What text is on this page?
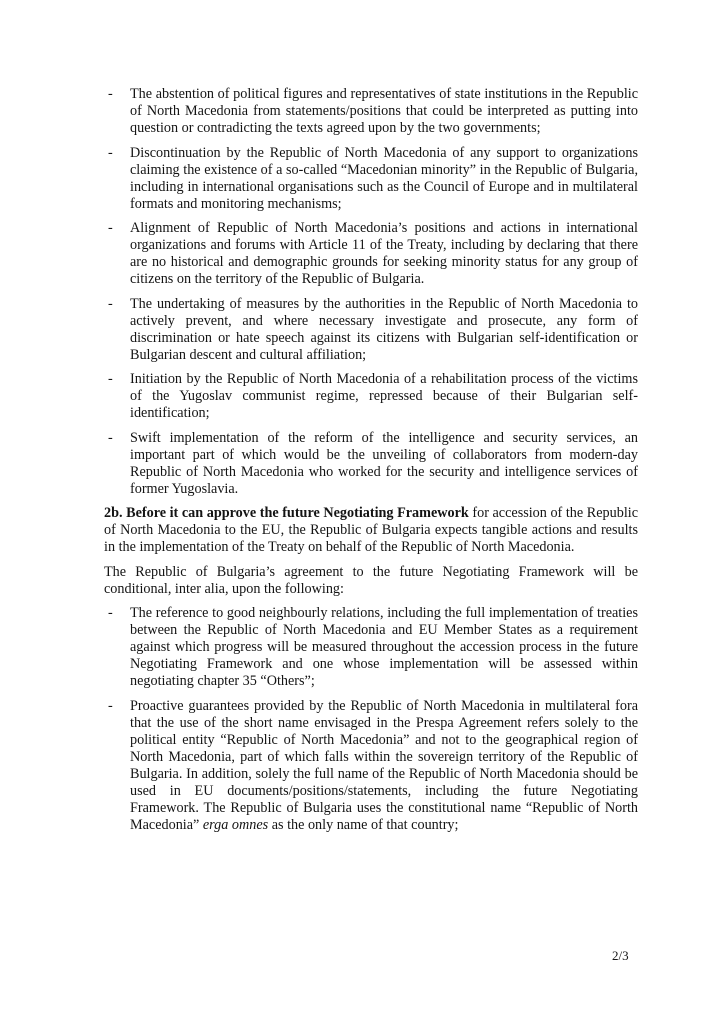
- The abstention of political figures and representatives of state institutions in the Republic of North Macedonia from statements/positions that could be interpreted as putting into question or contradicting the texts agreed upon by the two governments;
- Discontinuation by the Republic of North Macedonia of any support to organizations claiming the existence of a so-called “Macedonian minority” in the Republic of Bulgaria, including in international organisations such as the Council of Europe and in multilateral formats and monitoring mechanisms;
- Alignment of Republic of North Macedonia’s positions and actions in international organizations and forums with Article 11 of the Treaty, including by declaring that there are no historical and demographic grounds for seeking minority status for any group of citizens on the territory of the Republic of Bulgaria.
- The undertaking of measures by the authorities in the Republic of North Macedonia to actively prevent, and where necessary investigate and prosecute, any form of discrimination or hate speech against its citizens with Bulgarian self-identification or Bulgarian descent and cultural affiliation;
- Initiation by the Republic of North Macedonia of a rehabilitation process of the victims of the Yugoslav communist regime, repressed because of their Bulgarian self-identification;
- Swift implementation of the reform of the intelligence and security services, an important part of which would be the unveiling of collaborators from modern-day Republic of North Macedonia who worked for the security and intelligence services of former Yugoslavia.

2b. Before it can approve the future Negotiating Framework for accession of the Republic of North Macedonia to the EU, the Republic of Bulgaria expects tangible actions and results in the implementation of the Treaty on behalf of the Republic of North Macedonia.

The Republic of Bulgaria’s agreement to the future Negotiating Framework will be conditional, inter alia, upon the following:

- The reference to good neighbourly relations, including the full implementation of treaties between the Republic of North Macedonia and EU Member States as a requirement against which progress will be measured throughout the accession process in the future Negotiating Framework and one whose implementation will be assessed within negotiating chapter 35 “Others”;
- Proactive guarantees provided by the Republic of North Macedonia in multilateral fora that the use of the short name envisaged in the Prespa Agreement refers solely to the political entity “Republic of North Macedonia” and not to the geographical region of North Macedonia, part of which falls within the sovereign territory of the Republic of Bulgaria. In addition, solely the full name of the Republic of North Macedonia should be used in EU documents/positions/statements, including the future Negotiating Framework. The Republic of Bulgaria uses the constitutional name “Republic of North Macedonia” erga omnes as the only name of that country;
2/3
